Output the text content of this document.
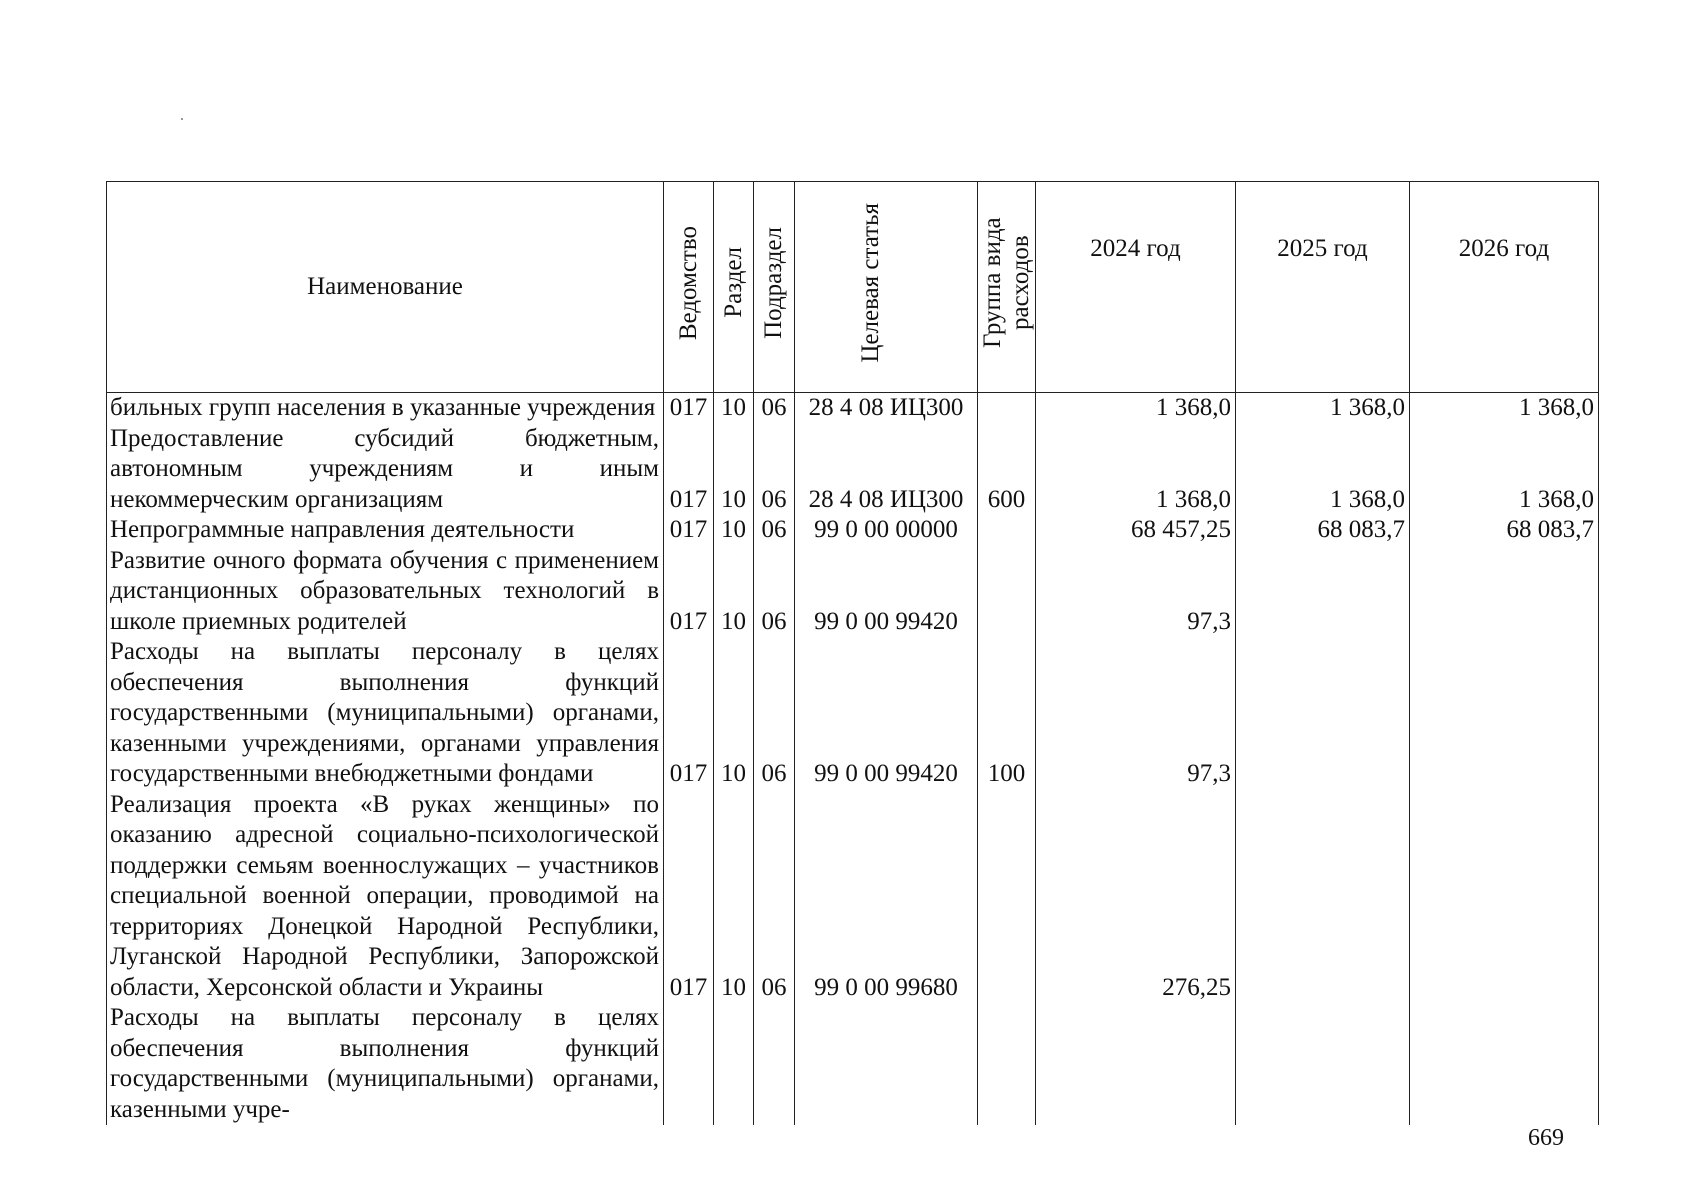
Наименование	Ведомство	Раздел	Подраздел	Целевая статья	Группа вида расходов	2024 год	2025 год	2026 год
бильных групп населения в указанные учреждения	017	10	06	28 4 08 ИЦ300		1 368,0	1 368,0	1 368,0
Предоставление субсидий бюджетным, автономным учреждениям и иным некоммерческим организациям	017	10	06	28 4 08 ИЦ300	600	1 368,0	1 368,0	1 368,0
Непрограммные направления деятельности	017	10	06	99 0 00 00000		68 457,25	68 083,7	68 083,7
Развитие очного формата обучения с применением дистанционных образовательных технологий в школе приемных родителей	017	10	06	99 0 00 99420		97,3		
Расходы на выплаты персоналу в целях обеспечения выполнения функций государственными (муниципальными) органами, казенными учреждениями, органами управления государственными внебюджетными фондами	017	10	06	99 0 00 99420	100	97,3		
Реализация проекта «В руках женщины» по оказанию адресной социально-психологической поддержки семьям военнослужащих – участников специальной военной операции, проводимой на территориях Донецкой Народной Республики, Луганской Народной Республики, Запорожской области, Херсонской области и Украины	017	10	06	99 0 00 99680		276,25		
Расходы на выплаты персоналу в целях обеспечения выполнения функций государственными (муниципальными) органами, казенными учре-								
669
